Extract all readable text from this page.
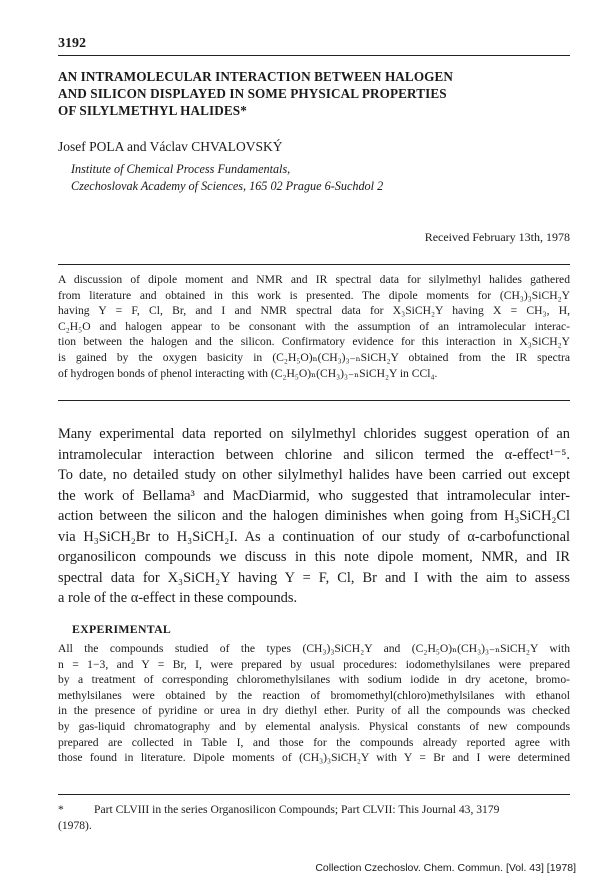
3192
AN INTRAMOLECULAR INTERACTION BETWEEN HALOGEN
AND SILICON DISPLAYED IN SOME PHYSICAL PROPERTIES
OF SILYLMETHYL HALIDES*
Josef POLA and Václav CHVALOVSKÝ
Institute of Chemical Process Fundamentals,
Czechoslovak Academy of Sciences, 165 02 Prague 6-Suchdol 2
Received February 13th, 1978

A discussion of dipole moment and NMR and IR spectral data for silylmethyl halides gathered
from literature and obtained in this work is presented. The dipole moments for (CH₃)₃SiCH₂Y
having Y = F, Cl, Br, and I and NMR spectral data for X₃SiCH₂Y having X = CH₃, H,
C₂H₅O and halogen appear to be consonant with the assumption of an intramolecular interac-
tion between the halogen and the silicon. Confirmatory evidence for this interaction in X₃SiCH₂Y
is gained by the oxygen basicity in (C₂H₅O)ₙ(CH₃)₃₋ₙSiCH₂Y obtained from the IR spectra
of hydrogen bonds of phenol interacting with (C₂H₅O)ₙ(CH₃)₃₋ₙSiCH₂Y in CCl₄.

Many experimental data reported on silylmethyl chlorides suggest operation of an
intramolecular interaction between chlorine and silicon termed the α-effect¹⁻⁵.
To date, no detailed study on other silylmethyl halides have been carried out except
the work of Bellama³ and MacDiarmid, who suggested that intramolecular inter-
action between the silicon and the halogen diminishes when going from H₃SiCH₂Cl
via H₃SiCH₂Br to H₃SiCH₂I. As a continuation of our study of α-carbofunctional
organosilicon compounds we discuss in this note dipole moment, NMR, and IR
spectral data for X₃SiCH₂Y having Y = F, Cl, Br and I with the aim to assess
a role of the α-effect in these compounds.

EXPERIMENTAL

All the compounds studied of the types (CH₃)₃SiCH₂Y and (C₂H₅O)ₙ(CH₃)₃₋ₙSiCH₂Y with
n = 1−3, and Y = Br, I, were prepared by usual procedures: iodomethylsilanes were prepared
by a treatment of corresponding chloromethylsilanes with sodium iodide in dry acetone, bromo-
methylsilanes were obtained by the reaction of bromomethyl(chloro)methylsilanes with ethanol
in the presence of pyridine or urea in dry diethyl ether. Purity of all the compounds was checked
by gas-liquid chromatography and by elemental analysis. Physical constants of new compounds
prepared are collected in Table I, and those for the compounds already reported agree with
those found in literature. Dipole moments of (CH₃)₃SiCH₂Y with Y = Br and I were determined

*	Part CLVIII in the series Organosilicon Compounds; Part CLVII: This Journal 43, 3179
(1978).

Collection Czechoslov. Chem. Commun. [Vol. 43] [1978]
